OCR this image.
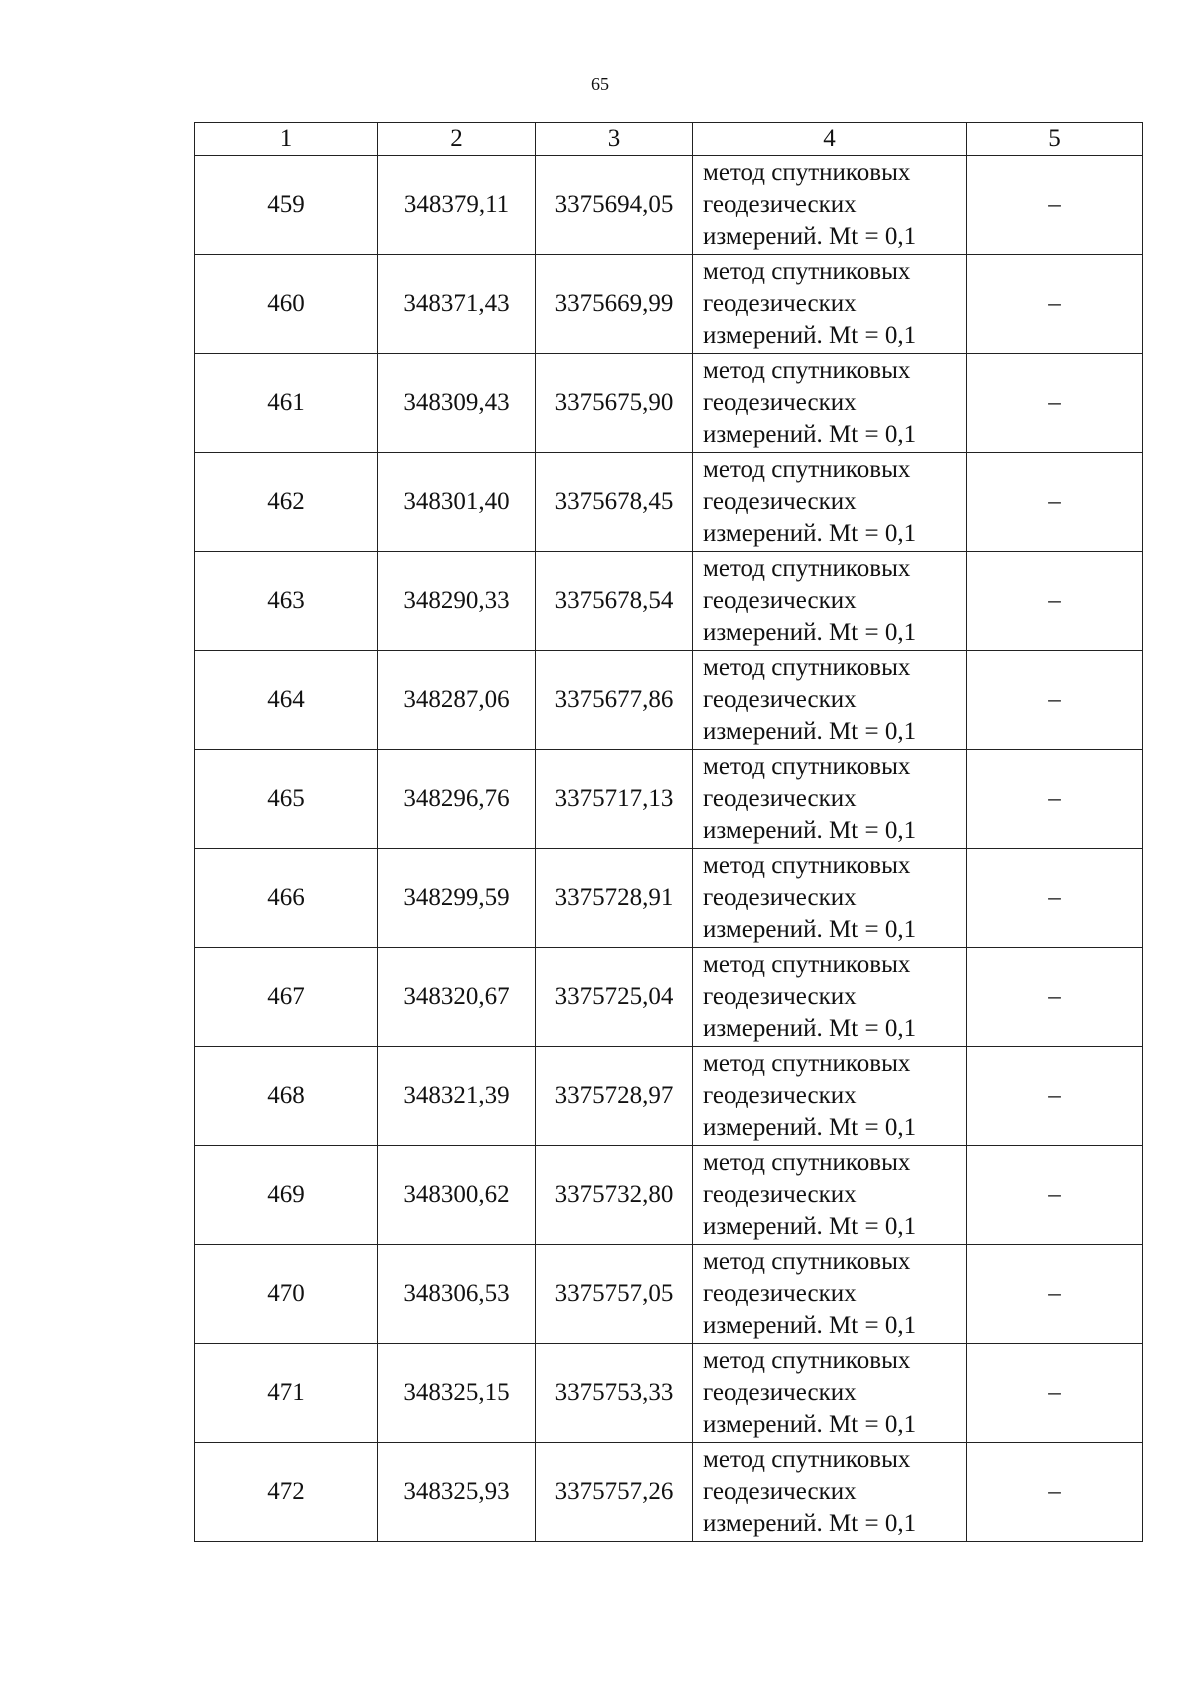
65
1	2	3	4	5
459	348379,11	3375694,05	метод спутниковых
геодезических
измерений. Mt = 0,1	–
460	348371,43	3375669,99	метод спутниковых
геодезических
измерений. Mt = 0,1	–
461	348309,43	3375675,90	метод спутниковых
геодезических
измерений. Mt = 0,1	–
462	348301,40	3375678,45	метод спутниковых
геодезических
измерений. Mt = 0,1	–
463	348290,33	3375678,54	метод спутниковых
геодезических
измерений. Mt = 0,1	–
464	348287,06	3375677,86	метод спутниковых
геодезических
измерений. Mt = 0,1	–
465	348296,76	3375717,13	метод спутниковых
геодезических
измерений. Mt = 0,1	–
466	348299,59	3375728,91	метод спутниковых
геодезических
измерений. Mt = 0,1	–
467	348320,67	3375725,04	метод спутниковых
геодезических
измерений. Mt = 0,1	–
468	348321,39	3375728,97	метод спутниковых
геодезических
измерений. Mt = 0,1	–
469	348300,62	3375732,80	метод спутниковых
геодезических
измерений. Mt = 0,1	–
470	348306,53	3375757,05	метод спутниковых
геодезических
измерений. Mt = 0,1	–
471	348325,15	3375753,33	метод спутниковых
геодезических
измерений. Mt = 0,1	–
472	348325,93	3375757,26	метод спутниковых
геодезических
измерений. Mt = 0,1	–
